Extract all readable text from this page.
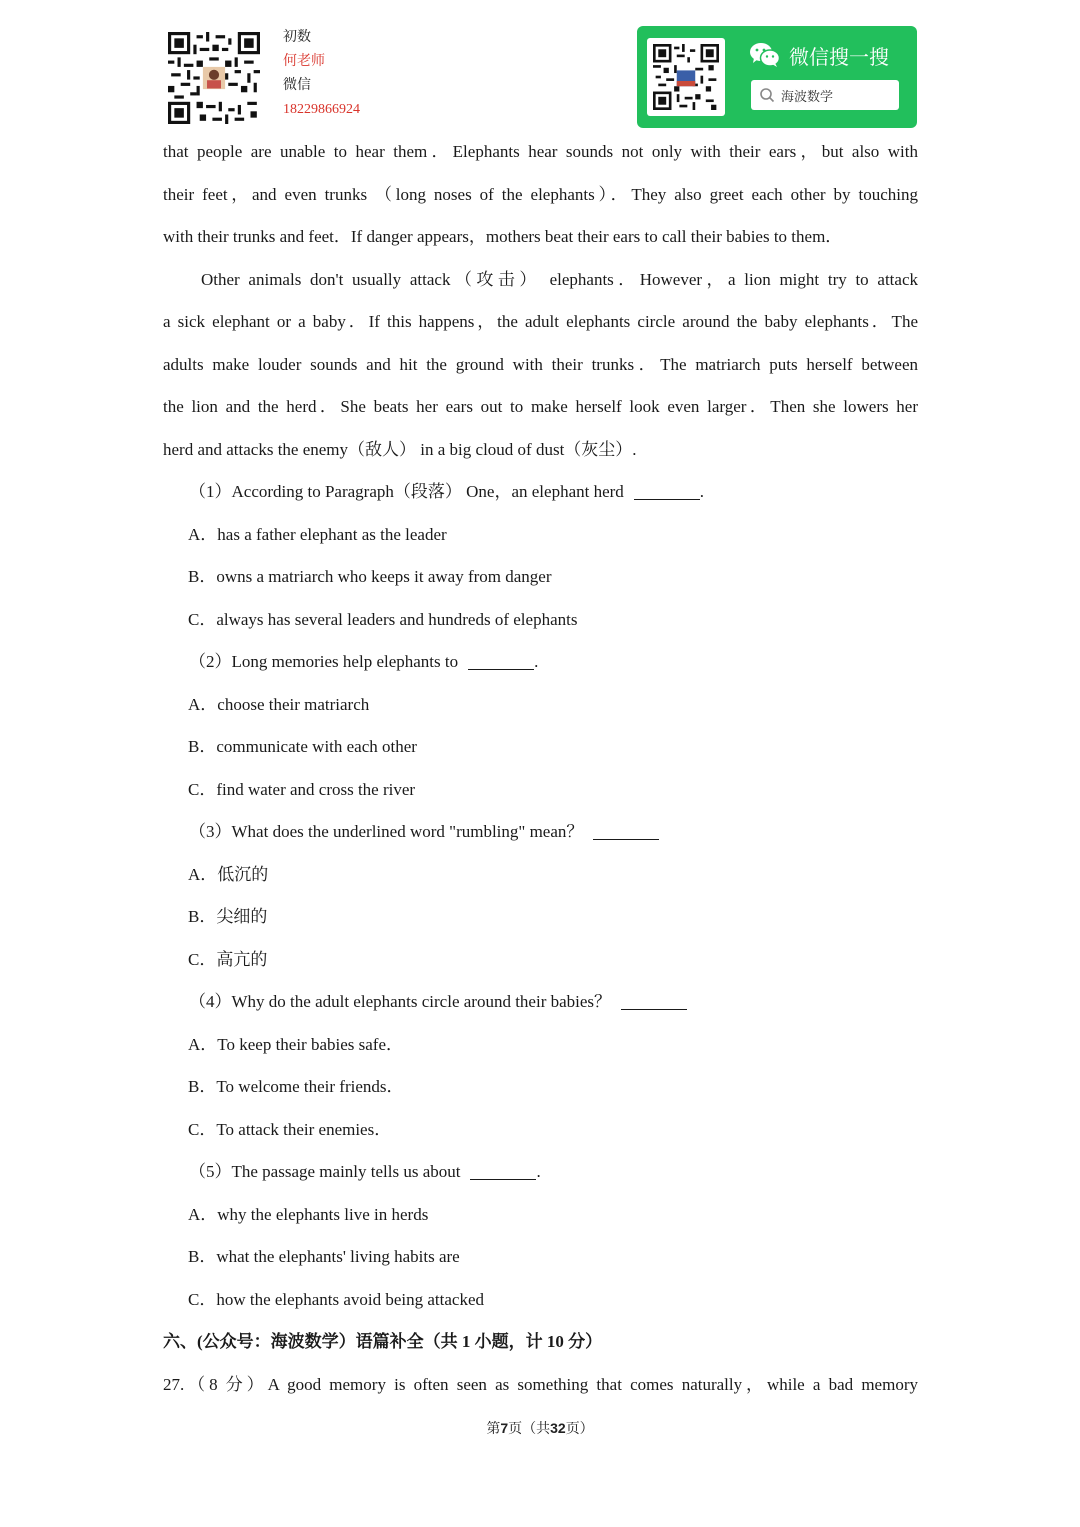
初数
何老师
微信
18229866924
微信搜一搜
海波数学
that people are unable to hear them．Elephants hear sounds not only with their ears，but also with
their feet，and even trunks （long noses of the elephants）．They also greet each other by touching
with their trunks and feet．If danger appears，mothers beat their ears to call their babies to them．
Other animals don't usually attack（攻击） elephants．However，a lion might try to attack
a sick elephant or a baby．If this happens，the adult elephants circle around the baby elephants．The
adults make louder sounds and hit the ground with their trunks．The matriarch puts herself between
the lion and the herd．She beats her ears out to make herself look even larger．Then she lowers her
herd and attacks the enemy（敌人） in a big cloud of dust（灰尘）.
（1）According to Paragraph（段落） One，an elephant herd	.
A．has a father elephant as the leader
B．owns a matriarch who keeps it away from danger
C．always has several leaders and hundreds of elephants
（2）Long memories help elephants to	.
A．choose their matriarch
B．communicate with each other
C．find water and cross the river
（3）What does the underlined word "rumbling" mean？
A．低沉的
B．尖细的
C．高亢的
（4）Why do the adult elephants circle around their babies？
A．To keep their babies safe．
B．To welcome their friends．
C．To attack their enemies．
（5）The passage mainly tells us about	.
A．why the elephants live in herds
B．what the elephants' living habits are
C．how the elephants avoid being attacked
六、(公众号：海波数学）语篇补全（共 1 小题，计 10 分）
27.（8 分）A good memory is often seen as something that comes naturally，while a bad memory
第7页（共32页）
